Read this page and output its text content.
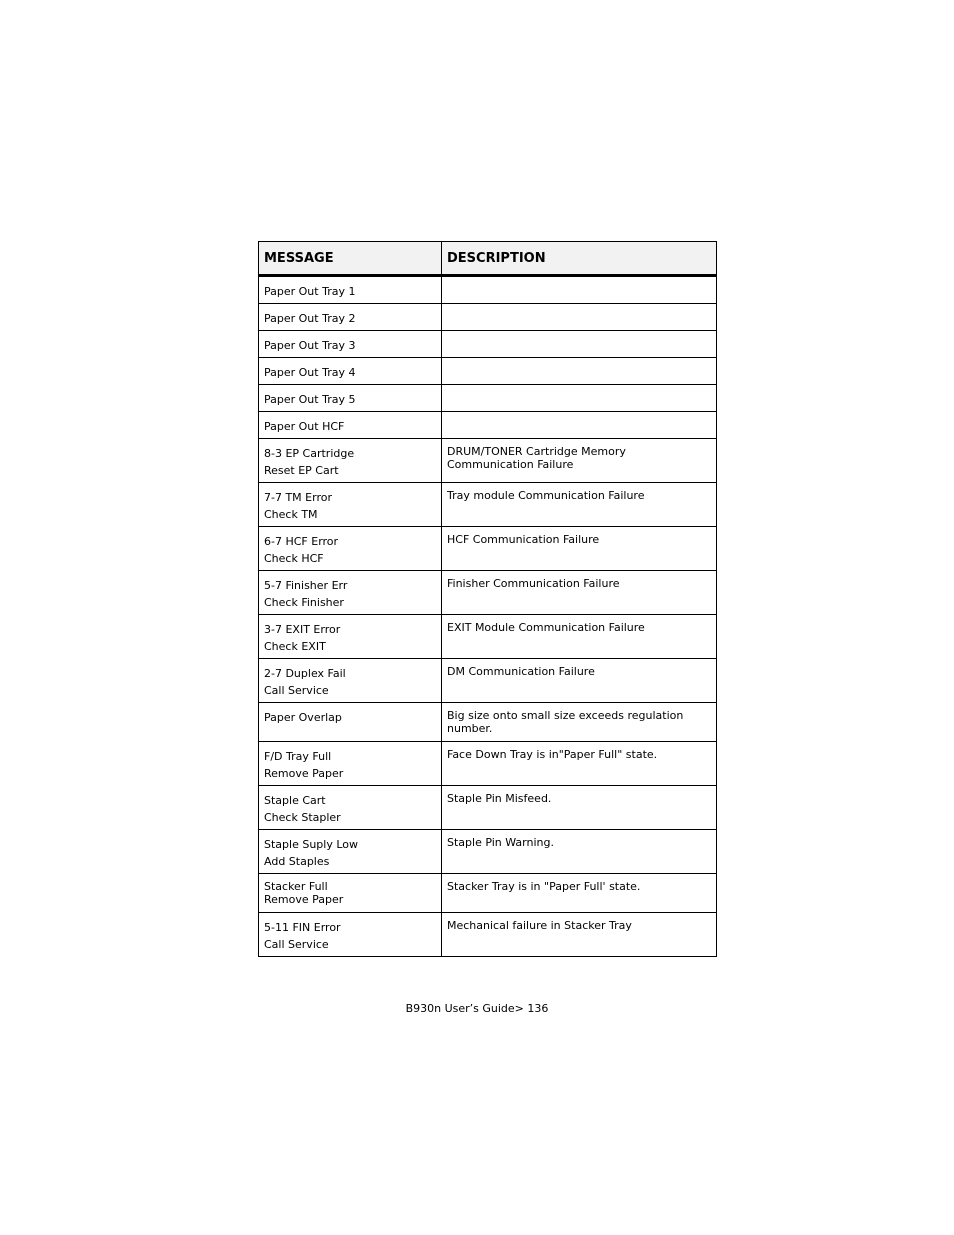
MESSAGE	DESCRIPTION

Paper Out Tray 1	

Paper Out Tray 2	

Paper Out Tray 3	

Paper Out Tray 4	

Paper Out Tray 5	

Paper Out HCF	

8-3 EP Cartridge
Reset EP Cart	DRUM/TONER Cartridge Memory Communication Failure

7-7 TM Error
Check TM	Tray module Communication Failure

6-7 HCF Error
Check HCF	HCF Communication Failure

5-7 Finisher Err
Check Finisher	Finisher Communication Failure

3-7 EXIT Error
Check EXIT	EXIT Module Communication Failure

2-7 Duplex Fail
Call Service	DM Communication Failure

Paper Overlap	Big size onto small size exceeds regulation number.

F/D Tray Full
Remove Paper	Face Down Tray is in"Paper Full" state.

Staple Cart
Check Stapler	Staple Pin Misfeed.

Staple Suply Low
Add Staples	Staple Pin Warning.

Stacker Full
Remove Paper	Stacker Tray is in "Paper Full' state.

5-11 FIN Error
Call Service	Mechanical failure in Stacker Tray
B930n User’s Guide> 136
